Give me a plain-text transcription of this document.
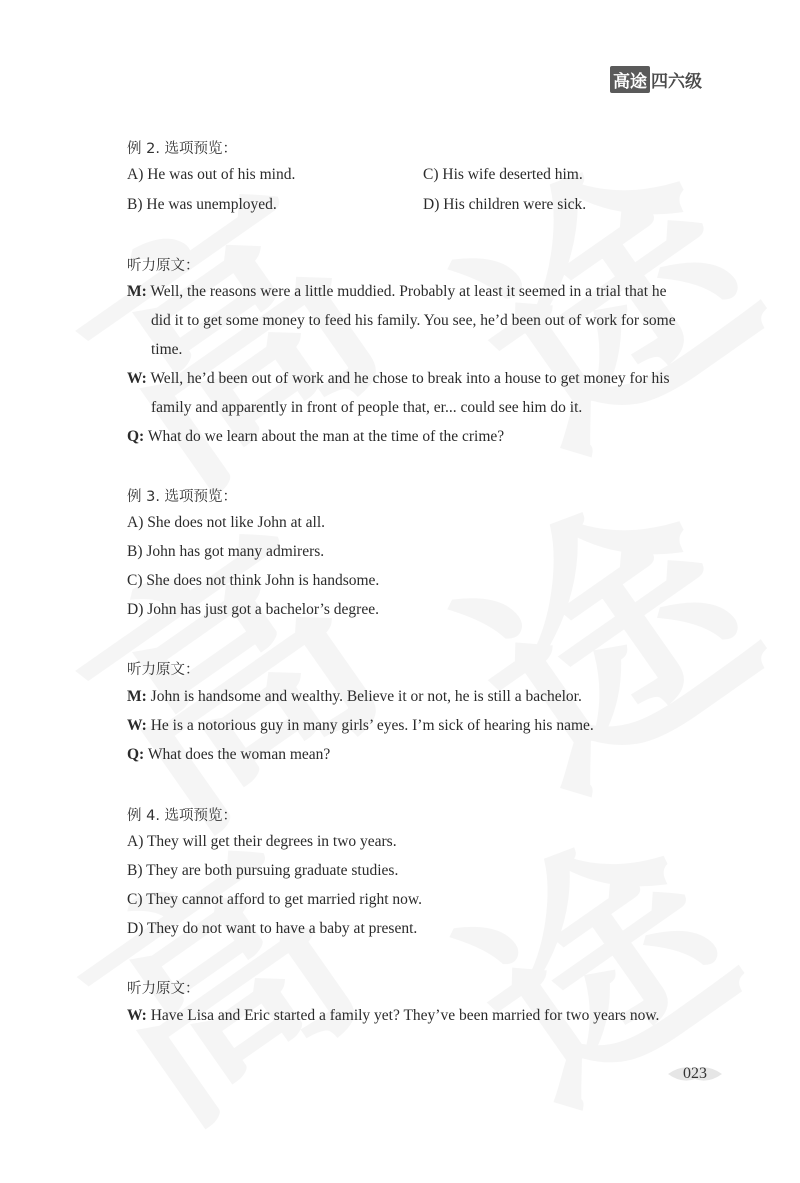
高途 四六级
例 2. 选项预览：
A) He was out of his mind.	C) His wife deserted him.
B) He was unemployed.	D) His children were sick.
听力原文：
M: Well, the reasons were a little muddied. Probably at least it seemed in a trial that he
did it to get some money to feed his family. You see, he’d been out of work for some
time.
W: Well, he’d been out of work and he chose to break into a house to get money for his
family and apparently in front of people that, er... could see him do it.
Q: What do we learn about the man at the time of the crime?
例 3. 选项预览：
A) She does not like John at all.
B) John has got many admirers.
C) She does not think John is handsome.
D) John has just got a bachelor’s degree.
听力原文：
M: John is handsome and wealthy. Believe it or not, he is still a bachelor.
W: He is a notorious guy in many girls’ eyes. I’m sick of hearing his name.
Q: What does the woman mean?
例 4. 选项预览：
A) They will get their degrees in two years.
B) They are both pursuing graduate studies.
C) They cannot afford to get married right now.
D) They do not want to have a baby at present.
听力原文：
W: Have Lisa and Eric started a family yet? They’ve been married for two years now.
023
